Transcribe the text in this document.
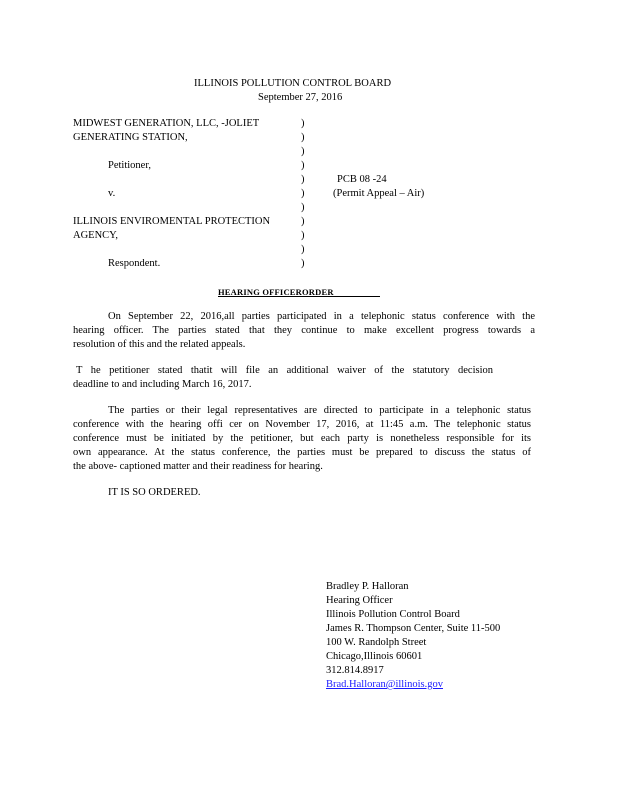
ILLINOIS POLLUTION CONTROL BOARD
September 27, 2016
MIDWEST GENERATION, LLC, -JOLIET
GENERATING STATION,
Petitioner,
v.
ILLINOIS ENVIROMENTAL PROTECTION
AGENCY,
Respondent.
)
)
)
)
)
)
)
)
)
)
)
PCB 08 -24
(Permit Appeal – Air)
HEARING OFFICERORDER
On September 22, 2016,all parties participated in a telephonic status conference with the
hearing officer. The parties stated that they continue to make excellent progress towards a
resolution of this and the related appeals.
T he petitioner stated thatit will file an additional waiver of the statutory decision
deadline to and including March 16, 2017.
The parties or their legal representatives are directed to participate in a telephonic status
conference with the hearing offi cer on November 17, 2016, at 11:45 a.m. The telephonic status
conference must be initiated by the petitioner, but each party is nonetheless responsible for its
own appearance. At the status conference, the parties must be prepared to discuss the status of
the above- captioned matter and their readiness for hearing.
IT IS SO ORDERED.
Bradley P. Halloran
Hearing Officer
Illinois Pollution Control Board
James R. Thompson Center, Suite 11-500
100 W. Randolph Street
Chicago,Illinois 60601
312.814.8917
Brad.Halloran@illinois.gov
